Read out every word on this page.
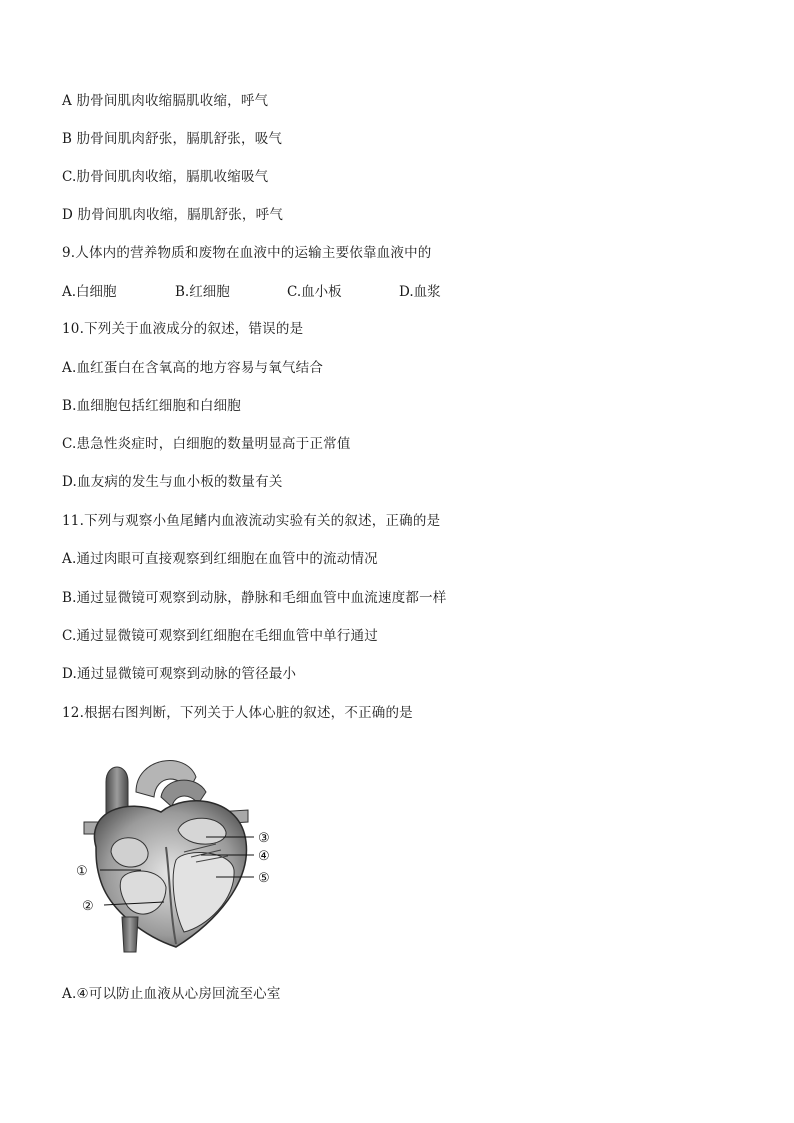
A 肋骨间肌肉收缩膈肌收缩，呼气
B 肋骨间肌肉舒张，膈肌舒张，吸气
C.肋骨间肌肉收缩，膈肌收缩吸气
D 肋骨间肌肉收缩，膈肌舒张，呼气
9.人体内的营养物质和废物在血液中的运输主要依靠血液中的
A.白细胞	B.红细胞	C.血小板	D.血浆
10.下列关于血液成分的叙述，错误的是
A.血红蛋白在含氧高的地方容易与氧气结合
B.血细胞包括红细胞和白细胞
C.患急性炎症时，白细胞的数量明显高于正常值
D.血友病的发生与血小板的数量有关
11.下列与观察小鱼尾鳍内血液流动实验有关的叙述，正确的是
A.通过肉眼可直接观察到红细胞在血管中的流动情况
B.通过显微镜可观察到动脉，静脉和毛细血管中血流速度都一样
C.通过显微镜可观察到红细胞在毛细血管中单行通过
D.通过显微镜可观察到动脉的管径最小
12.根据右图判断，下列关于人体心脏的叙述，不正确的是
①
②
③
④
⑤
A.④可以防止血液从心房回流至心室
